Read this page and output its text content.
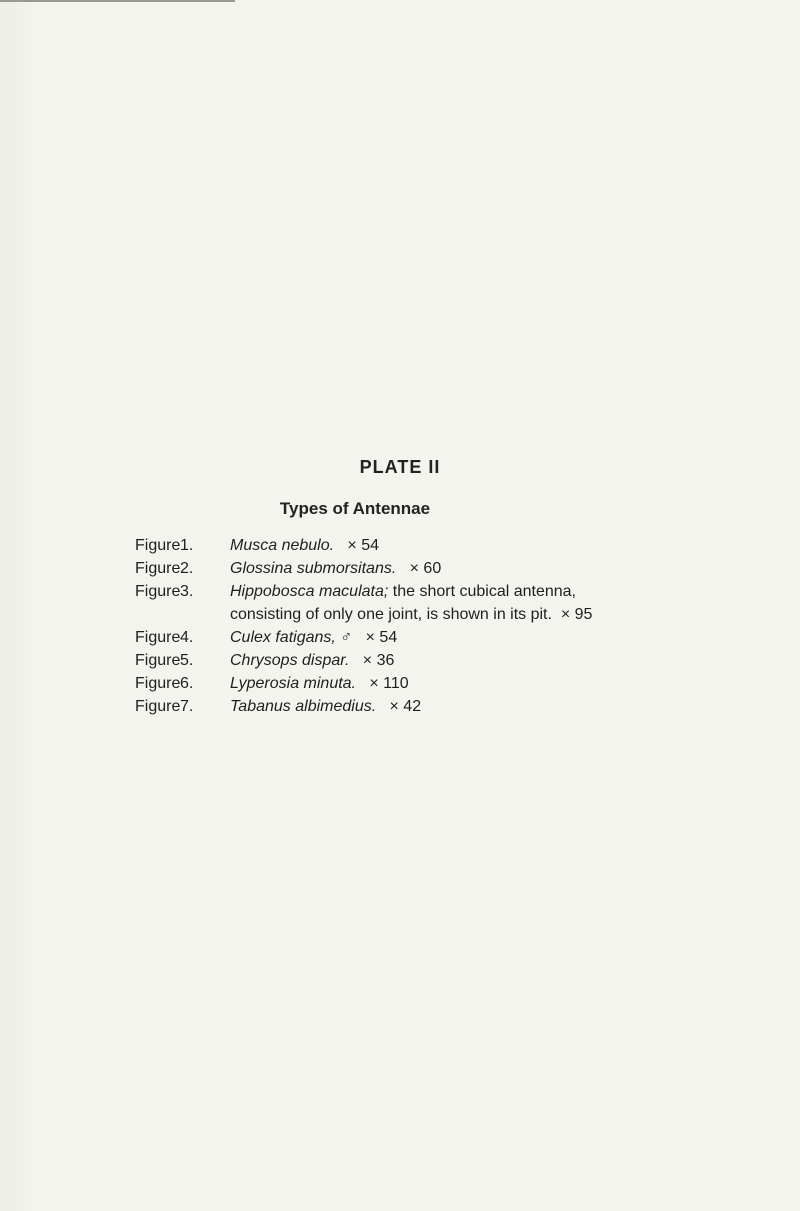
PLATE II
Types of Antennae
Figure 1.	Musca nebulo. × 54
Figure 2.	Glossina submorsitans. × 60
Figure 3.	Hippobosca maculata; the short cubical antenna,
consisting of only one joint, is shown in its pit. × 95
Figure 4.	Culex fatigans, ♂ × 54
Figure 5.	Chrysops dispar. × 36
Figure 6.	Lyperosia minuta. × 110
Figure 7.	Tabanus albimedius. × 42
